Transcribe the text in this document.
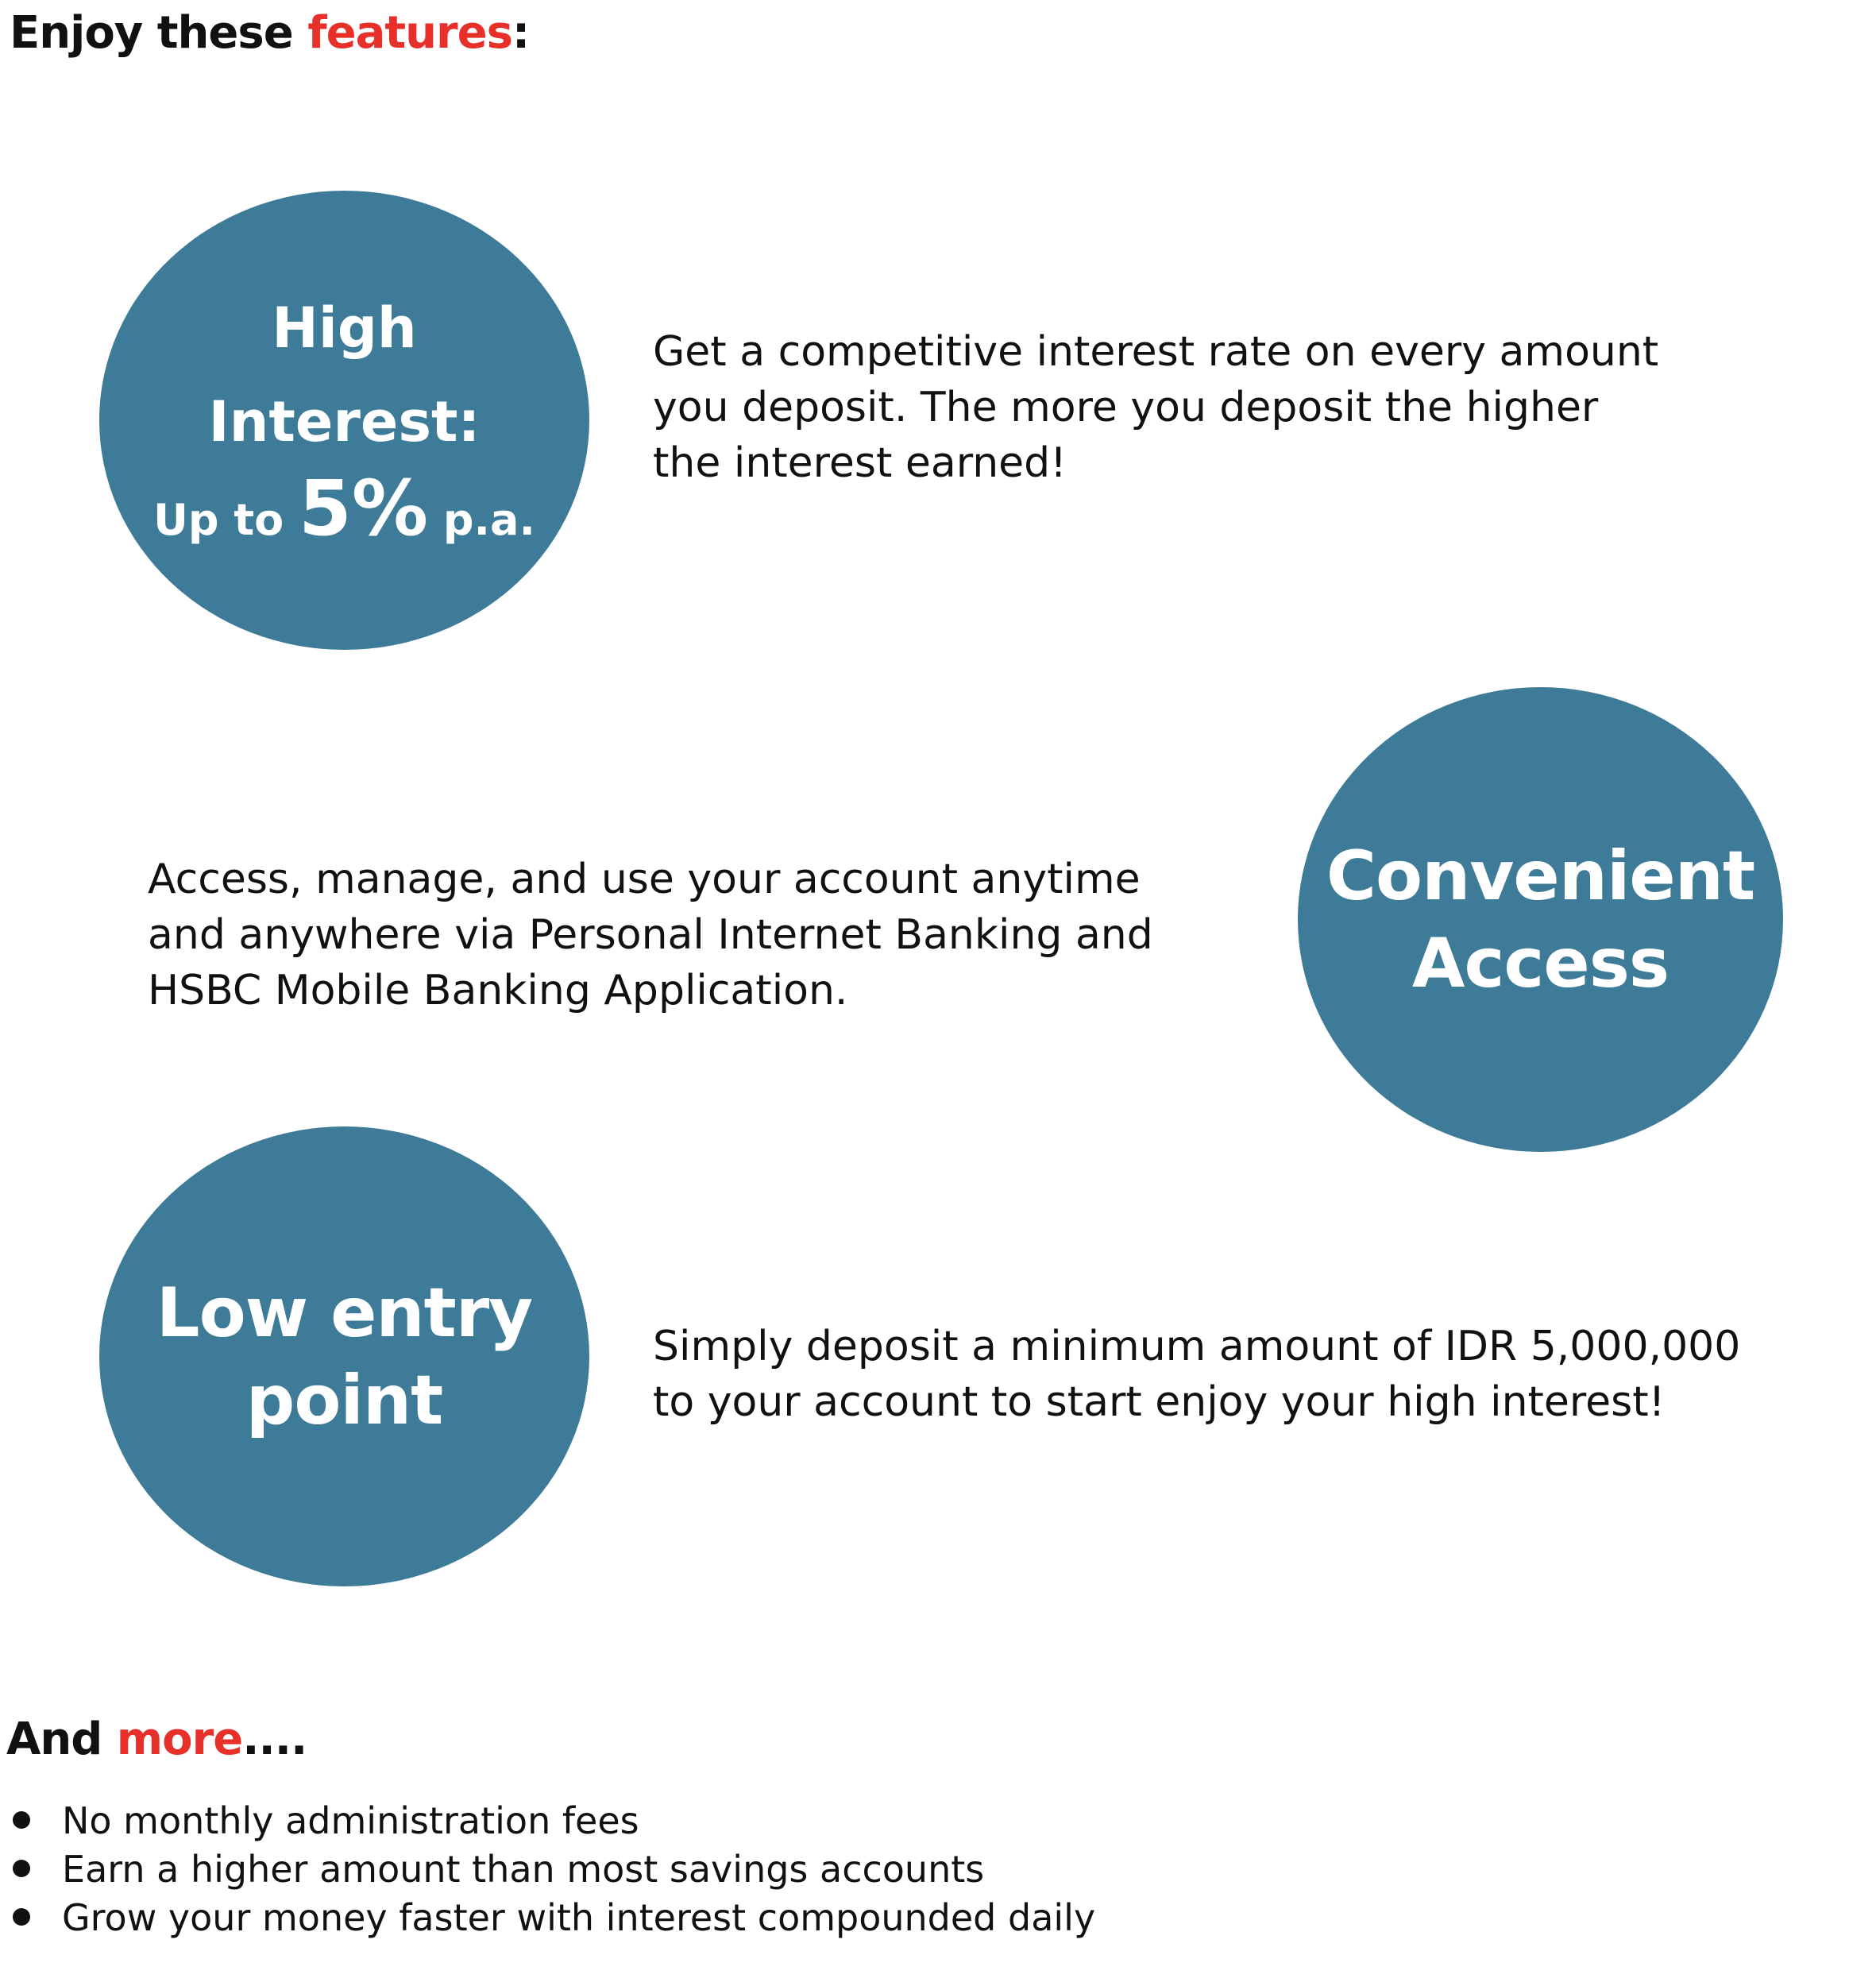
Enjoy these features:
High
Interest:
Up to 5% p.a.

Get a competitive interest rate on every amount
you deposit. The more you deposit the higher
the interest earned!

Access, manage, and use your account anytime
and anywhere via Personal Internet Banking and
HSBC Mobile Banking Application.

Convenient
Access
Low entry
point

Simply deposit a minimum amount of IDR 5,000,000
to your account to start enjoy your high interest!

And more....
No monthly administration fees
Earn a higher amount than most savings accounts
Grow your money faster with interest compounded daily
